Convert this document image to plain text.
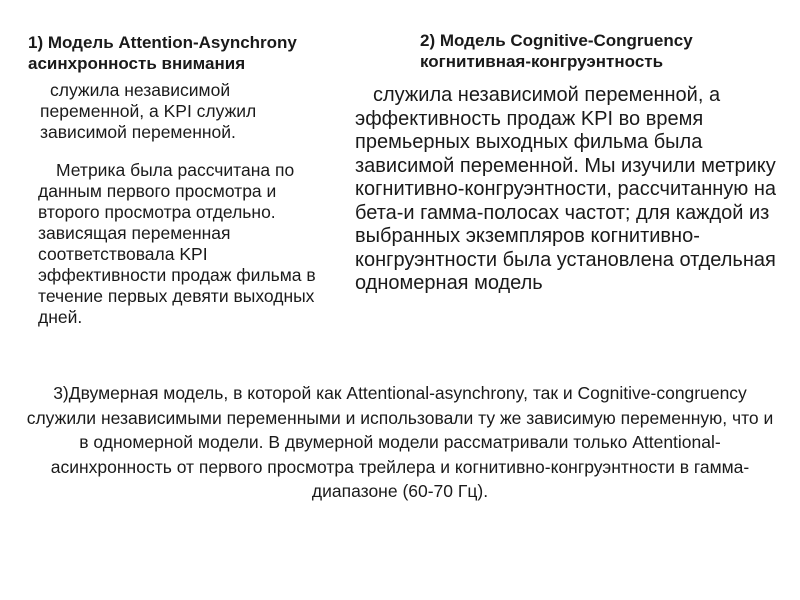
1) Модель Attention-Asynchrony
асинхронность внимания
служила независимой переменной, а KPI служил зависимой переменной.
Метрика была рассчитана по данным первого просмотра и второго просмотра отдельно. зависящая переменная соответствовала KPI эффективности продаж фильма в течение первых девяти выходных дней.
2) Модель Cognitive-Congruency
когнитивная-конгруэнтность
служила независимой переменной, а эффективность продаж KPI во время премьерных выходных фильма была зависимой переменной. Мы изучили метрику когнитивно-конгруэнтности, рассчитанную на бета-и гамма-полосах частот; для каждой из выбранных экземпляров когнитивно-конгруэнтности была установлена отдельная одномерная модель
3)Двумерная модель, в которой как Attentional-asynchrony, так и Cognitive-congruency служили независимыми переменными и использовали ту же зависимую переменную, что и в одномерной модели. В двумерной модели рассматривали только Attentional-асинхронность от первого просмотра трейлера и когнитивно-конгруэнтности в гамма-диапазоне (60-70 Гц).
